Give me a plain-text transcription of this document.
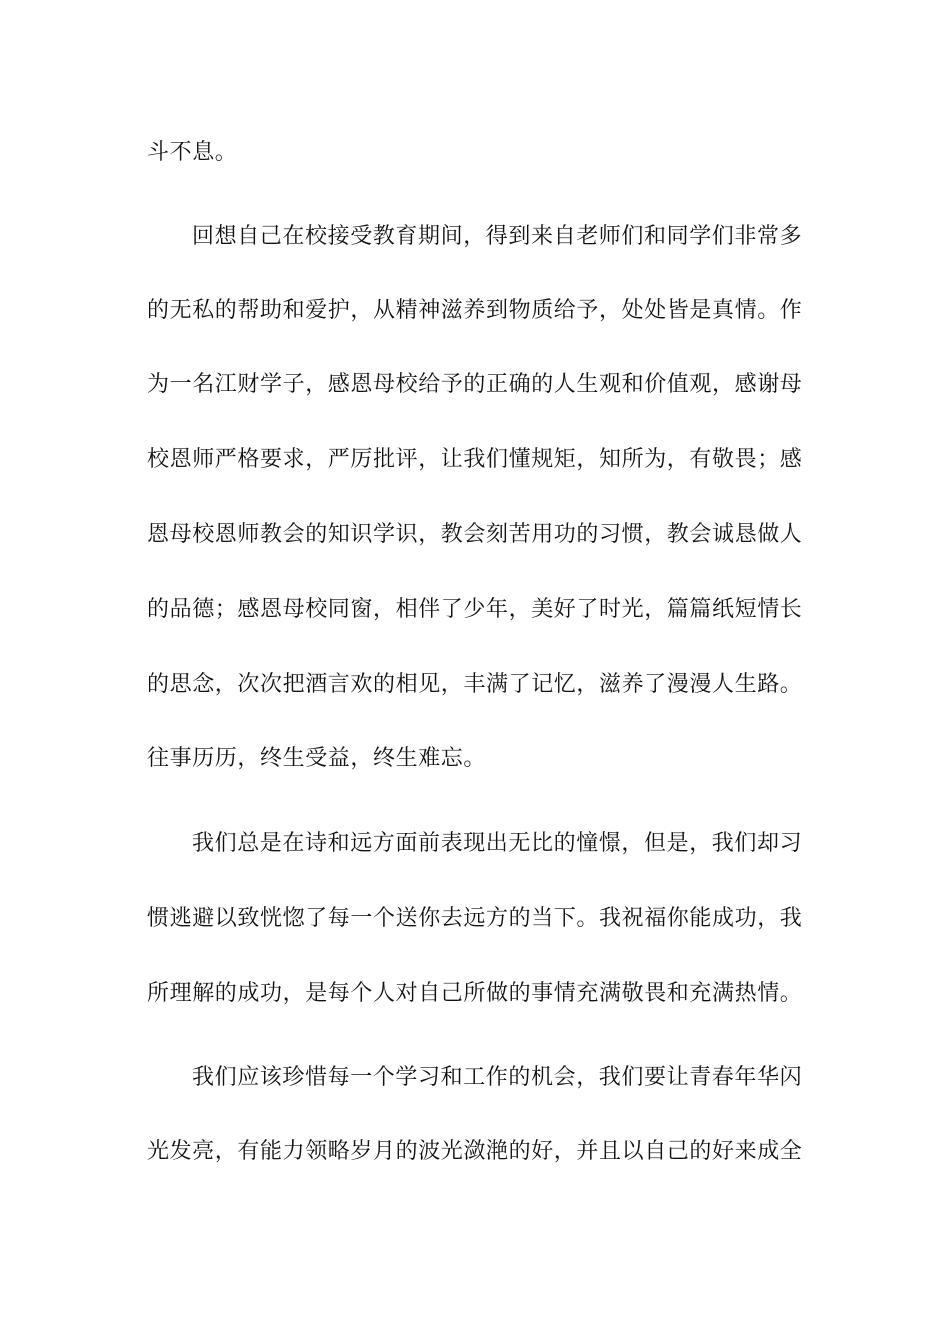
斗不息。

回想自己在校接受教育期间，得到来自老师们和同学们非常多

的无私的帮助和爱护，从精神滋养到物质给予，处处皆是真情。作

为一名江财学子，感恩母校给予的正确的人生观和价值观，感谢母

校恩师严格要求，严厉批评，让我们懂规矩，知所为，有敬畏；感

恩母校恩师教会的知识学识，教会刻苦用功的习惯，教会诚恳做人

的品德；感恩母校同窗，相伴了少年，美好了时光，篇篇纸短情长

的思念，次次把酒言欢的相见，丰满了记忆，滋养了漫漫人生路。

往事历历，终生受益，终生难忘。

我们总是在诗和远方面前表现出无比的憧憬，但是，我们却习

惯逃避以致恍惚了每一个送你去远方的当下。我祝福你能成功，我

所理解的成功，是每个人对自己所做的事情充满敬畏和充满热情。

我们应该珍惜每一个学习和工作的机会，我们要让青春年华闪

光发亮，有能力领略岁月的波光潋滟的好，并且以自己的好来成全
